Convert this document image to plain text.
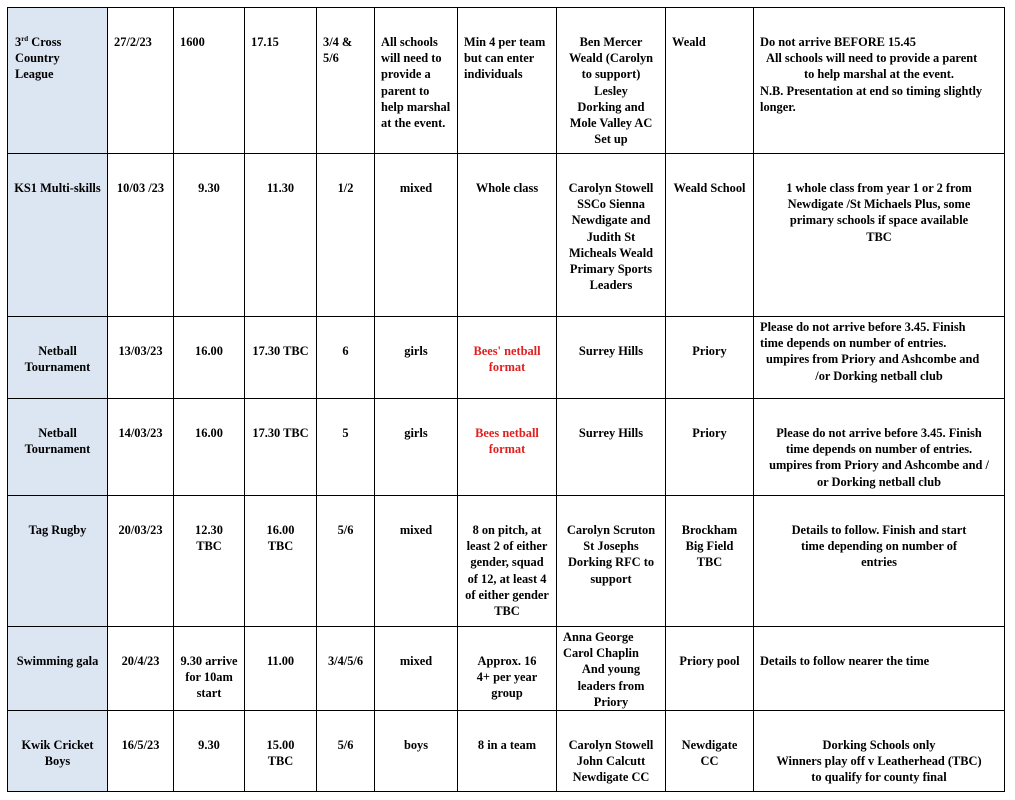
3rd Cross Country League	27/2/23	1600	17.15	3/4 & 5/6	All schools will need to provide a parent to help marshal at the event.	Min 4 per team but can enter individuals	Ben Mercer
Weald (Carolyn to support)
Lesley
Dorking and Mole Valley AC
Set up	Weald	Do not arrive BEFORE 15.45
All schools will need to provide a parent
to help marshal at the event.
N.B. Presentation at end so timing slightly longer.

KS1 Multi-skills	10/03 /23	9.30	11.30	1/2	mixed	Whole class	Carolyn Stowell SSCo Sienna Newdigate and Judith St Micheals Weald Primary Sports Leaders	Weald School	1 whole class from year 1 or 2 from Newdigate /St Michaels Plus, some primary schools if space available TBC
Netball Tournament	13/03/23	16.00	17.30 TBC	6	girls	Bees' netball format	Surrey Hills	Priory	Please do not arrive before 3.45. Finish
time depends on number of entries.
umpires from Priory and Ashcombe and
/or Dorking netball club

Netball Tournament	14/03/23	16.00	17.30 TBC	5	girls	Bees netball format	Surrey Hills	Priory	Please do not arrive before 3.45. Finish time depends on number of entries. umpires from Priory and Ashcombe and / or Dorking netball club
Tag Rugby	20/03/23	12.30 TBC	16.00 TBC	5/6	mixed	8 on pitch, at least 2 of either gender, squad of 12, at least 4 of either gender TBC	Carolyn Scruton St Josephs Dorking RFC to support	Brockham Big Field TBC	Details to follow. Finish and start time depending on number of entries
Swimming gala	20/4/23	9.30 arrive for 10am start	11.00	3/4/5/6	mixed	Approx. 16 4+ per year group	Anna George
Carol Chaplin
And young leaders from Priory	Priory pool	Details to follow nearer the time
Kwik Cricket Boys	16/5/23	9.30	15.00 TBC	5/6	boys	8 in a team	Carolyn Stowell John Calcutt Newdigate CC	Newdigate CC	Dorking Schools only
Winners play off v Leatherhead (TBC)
to qualify for county final
